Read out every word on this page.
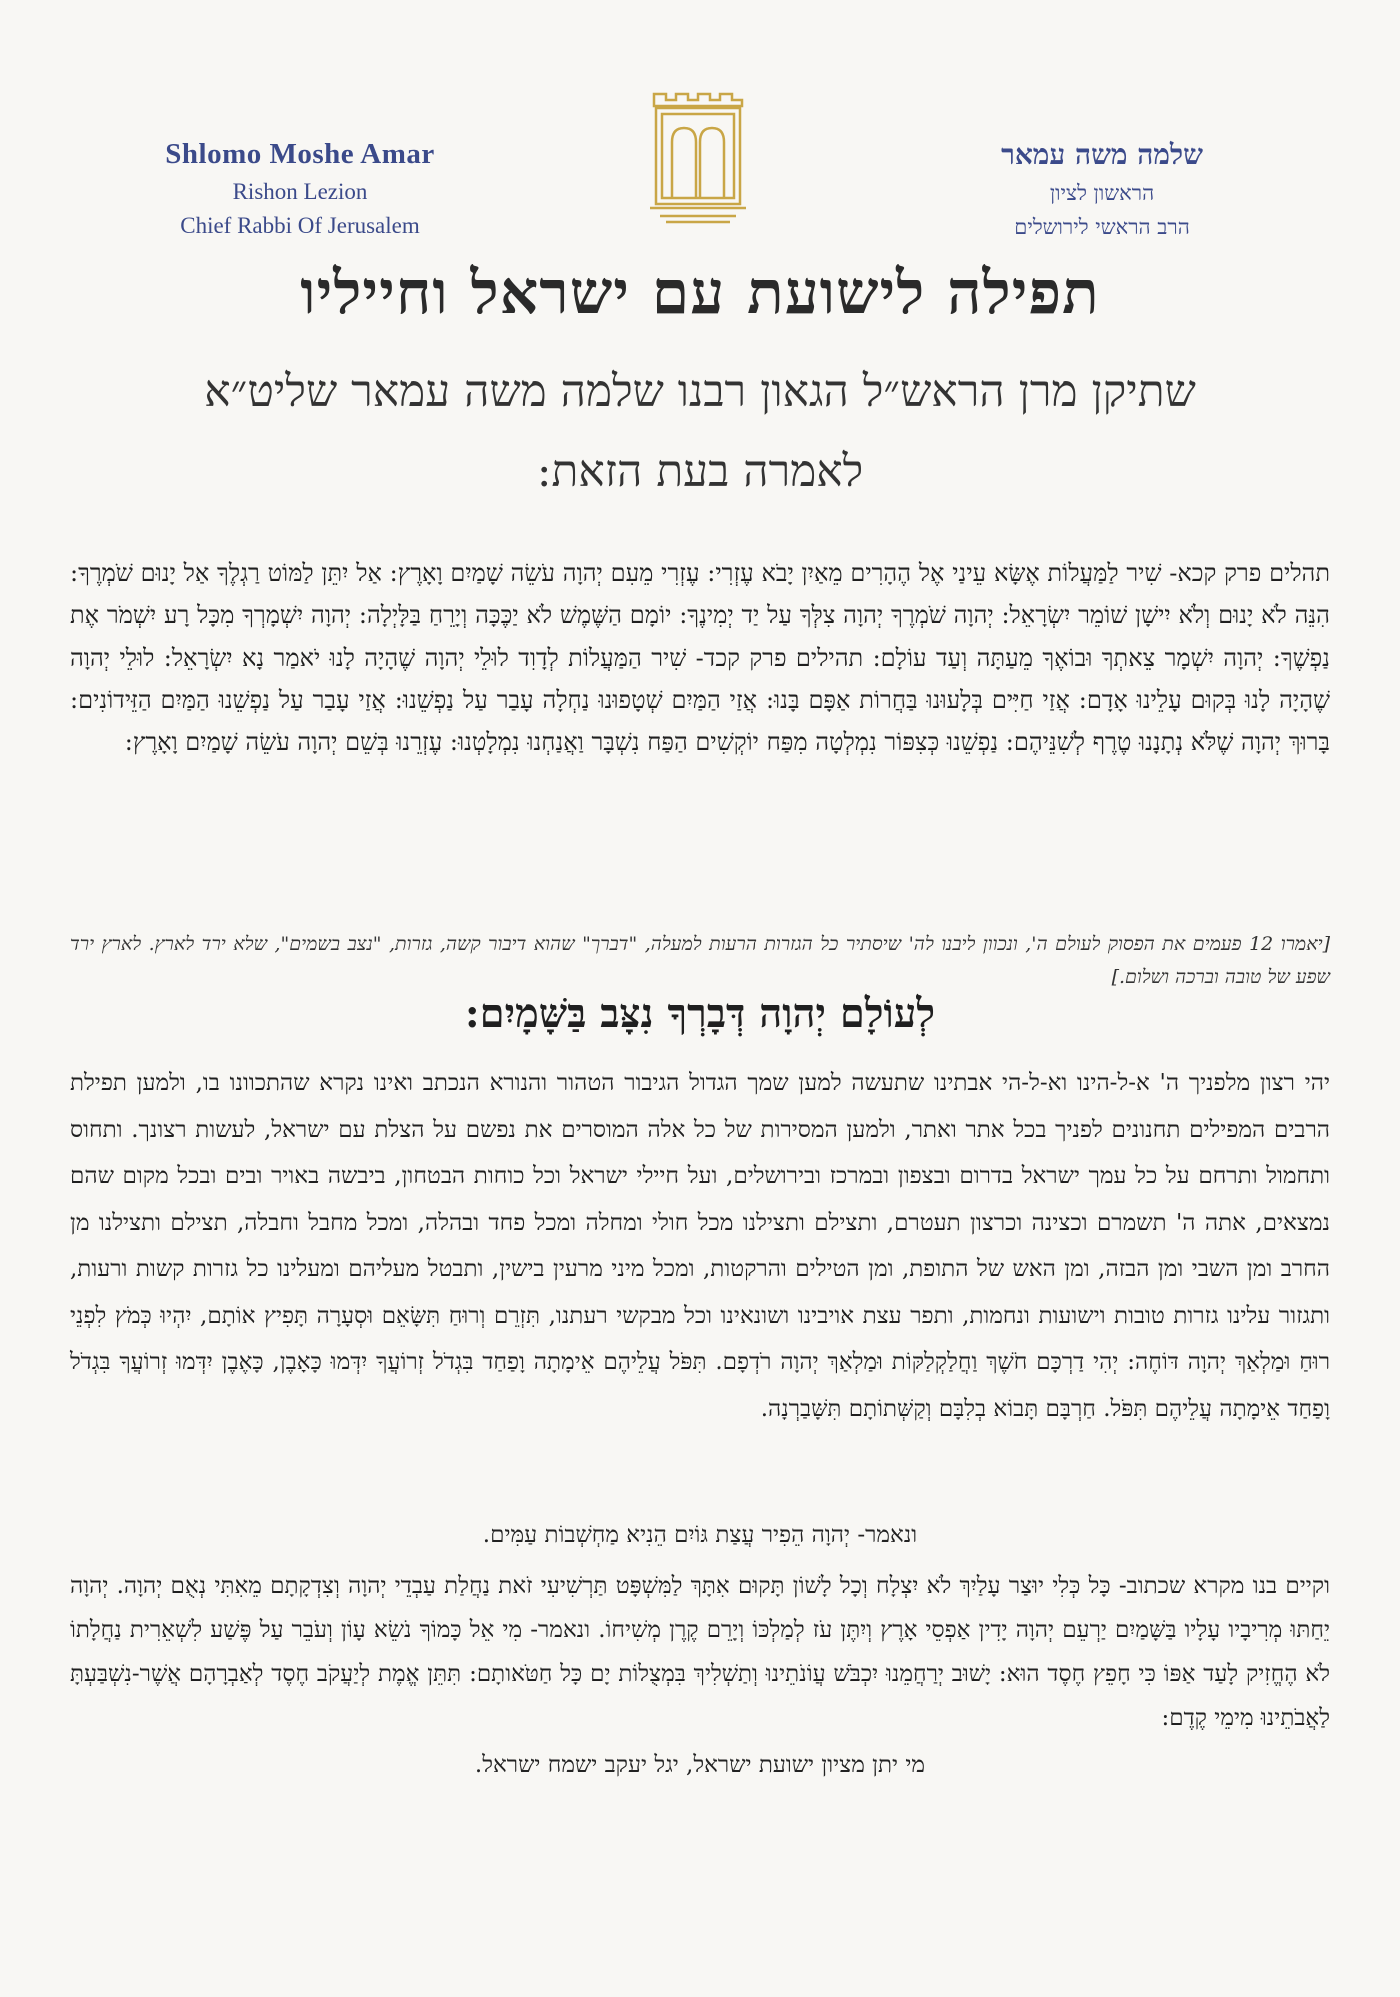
Shlomo Moshe Amar
Rishon Lezion
Chief Rabbi Of Jerusalem
שלמה משה עמאר
הראשון לציון
הרב הראשי לירושלים
תפילה לישועת עם ישראל וחייליו
שתיקן מרן הראש״ל הגאון רבנו שלמה משה עמאר שליט״א
לאמרה בעת הזאת:
תהלים פרק קכא- שִׁיר לַמַּעֲלוֹת אֶשָּׂא עֵינַי אֶל הֶהָרִים מֵאַיִן יָבֹא עֶזְרִי: עֶזְרִי מֵעִם יְהוָה עֹשֵׂה שָׁמַיִם וָאָרֶץ: אַל יִתֵּן לַמּוֹט רַגְלֶךָ אַל יָנוּם שֹׁמְרֶךָ: הִנֵּה לֹא יָנוּם וְלֹא יִישָׁן שׁוֹמֵר יִשְׂרָאֵל: יְהוָה שֹׁמְרֶךָ יְהוָה צִלְּךָ עַל יַד יְמִינֶךָ: יוֹמָם הַשֶּׁמֶשׁ לֹא יַכֶּכָּה וְיָרֵחַ בַּלָּיְלָה: יְהוָה יִשְׁמָרְךָ מִכָּל רָע יִשְׁמֹר אֶת נַפְשֶׁךָ: יְהוָה יִשְׁמָר צֵאתְךָ וּבוֹאֶךָ מֵעַתָּה וְעַד עוֹלָם: תהילים פרק קכד- שִׁיר הַמַּעֲלוֹת לְדָוִד לוּלֵי יְהוָה שֶׁהָיָה לָנוּ יֹאמַר נָא יִשְׂרָאֵל: לוּלֵי יְהוָה שֶׁהָיָה לָנוּ בְּקוּם עָלֵינוּ אָדָם: אֲזַי חַיִּים בְּלָעוּנוּ בַּחֲרוֹת אַפָּם בָּנוּ: אֲזַי הַמַּיִם שְׁטָפוּנוּ נַחְלָה עָבַר עַל נַפְשֵׁנוּ: אֲזַי עָבַר עַל נַפְשֵׁנוּ הַמַּיִם הַזֵּידוֹנִים: בָּרוּךְ יְהוָה שֶׁלֹּא נְתָנָנוּ טֶרֶף לְשִׁנֵּיהֶם: נַפְשֵׁנוּ כְּצִפּוֹר נִמְלְטָה מִפַּח יוֹקְשִׁים הַפַּח נִשְׁבָּר וַאֲנַחְנוּ נִמְלָטְנוּ: עֶזְרֵנוּ בְּשֵׁם יְהוָה עֹשֵׂה שָׁמַיִם וָאָרֶץ:
[יאמרו 12 פעמים את הפסוק לעולם ה', ונכוון ליבנו לה' שיסתיר כל הגזרות הרעות למעלה, "דברך" שהוא דיבור קשה, גזרות, "נצב בשמים", שלא ירד לארץ. לארץ ירד שפע של טובה וברכה ושלום.]
לְעוֹלָם יְהוָה דְּבָרְךָ נִצָּב בַּשָּׁמָיִם:
יהי רצון מלפניך ה' א-ל-הינו וא-ל-הי אבתינו שתעשה למען שמך הגדול הגיבור הטהור והנורא הנכתב ואינו נקרא שהתכוונו בו, ולמען תפילת הרבים המפילים תחנונים לפניך בכל אתר ואתר, ולמען המסירות של כל אלה המוסרים את נפשם על הצלת עם ישראל, לעשות רצונך. ותחוס ותחמול ותרחם על כל עמך ישראל בדרום ובצפון ובמרכז ובירושלים, ועל חיילי ישראל וכל כוחות הבטחון, ביבשה באויר ובים ובכל מקום שהם נמצאים, אתה ה' תשמרם וכצינה וכרצון תעטרם, ותצילם ותצילנו מכל חולי ומחלה ומכל פחד ובהלה, ומכל מחבל וחבלה, תצילם ותצילנו מן החרב ומן השבי ומן הבזה, ומן האש של התופת, ומן הטילים והרקטות, ומכל מיני מרעין בישין, ותבטל מעליהם ומעלינו כל גזרות קשות ורעות, ותגזור עלינו גזרות טובות וישועות ונחמות, ותפר עצת אויבינו ושונאינו וכל מבקשי רעתנו, תִּזְרֵם וְרוּחַ תִּשָּׂאֵם וּסְעָרָה תָּפִיץ אוֹתָם, יִהְיוּ כְּמֹץ לִפְנֵי רוּחַ וּמַלְאַךְ יְהוָה דּוֹחֶה: יְהִי דַרְכָּם חֹשֶׁךְ וַחֲלַקְלַקּוֹת וּמַלְאַךְ יְהוָה רֹדְפָם. תִּפֹּל עֲלֵיהֶם אֵימָתָה וָפַחַד בִּגְדֹל זְרוֹעֲךָ יִדְּמוּ כָּאָבֶן, כָּאֶבֶן יִדְּמוּ זְרוֹעֲךָ בִּגְדֹל וָפַחַד אֵימָתָה עֲלֵיהֶם תִּפֹּל. חַרְבָּם תָּבוֹא בְלִבָּם וְקַשְּׁתוֹתָם תִּשָּׁבַרְנָה.
ונאמר- יְהוָה הֵפִיר עֲצַת גּוֹיִם הֵנִיא מַחְשְׁבוֹת עַמִּים.
וקיים בנו מקרא שכתוב- כָּל כְּלִי יוּצַר עָלַיִךְ לֹא יִצְלָח וְכָל לָשׁוֹן תָּקוּם אִתָּךְ לַמִּשְׁפָּט תַּרְשִׁיעִי זֹאת נַחֲלַת עַבְדֵי יְהוָה וְצִדְקָתָם מֵאִתִּי נְאֻם יְהוָה. יְהוָה יֵחַתּוּ מְרִיבָיו עָלָיו בַּשָּׁמַיִם יַרְעֵם יְהוָה יָדִין אַפְסֵי אָרֶץ וְיִתֶּן עֹז לְמַלְכּוֹ וְיָרֵם קֶרֶן מְשִׁיחוֹ. ונאמר- מִי אֵל כָּמוֹךָ נֹשֵׂא עָוֹן וְעֹבֵר עַל פֶּשַׁע לִשְׁאֵרִית נַחֲלָתוֹ לֹא הֶחֱזִיק לָעַד אַפּוֹ כִּי חָפֵץ חֶסֶד הוּא: יָשׁוּב יְרַחֲמֵנוּ יִכְבֹּשׁ עֲוֹנֹתֵינוּ וְתַשְׁלִיךְ בִּמְצֻלוֹת יָם כָּל חַטֹּאותָם: תִּתֵּן אֱמֶת לְיַעֲקֹב חֶסֶד לְאַבְרָהָם אֲשֶׁר-נִשְׁבַּעְתָּ לַאֲבֹתֵינוּ מִימֵי קֶדֶם:
מי יתן מציון ישועת ישראל, יגל יעקב ישמח ישראל.
